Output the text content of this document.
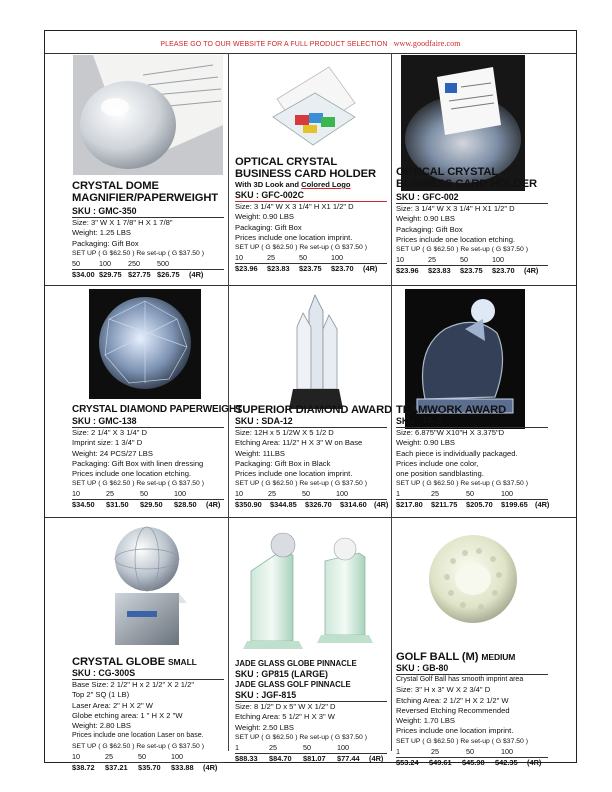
PLEASE GO TO OUR WEBSITE FOR A FULL PRODUCT SELECTION www.goodfaire.com
CRYSTAL DOME
MAGNIFIER/PAPERWEIGHT
SKU : GMC-350
Size: 3" W X 1 7/8" H X 1 7/8"
Weight: 1.25 LBS
Packaging: Gift Box
SET UP ( G $62.50 ) Re set-up ( G $37.50 )
50	100 250 500
$34.00 $29.75 $27.75 $26.75 (4R)
OPTICAL CRYSTAL
BUSINESS CARD HOLDER
With 3D Look and Colored Logo
SKU : GFC-002C
Size: 3 1/4" W X 3 1/4" H X1 1/2" D
Weight: 0.90 LBS
Packaging: Gift Box
Prices include one location imprint.
SET UP ( G $62.50 ) Re set-up ( G $37.50 )
10	25	50	100
$23.96 $23.83 $23.75 $23.70 (4R)
OPTICAL CRYSTAL
BUSINESS CARD HOLDER
SKU : GFC-002
Size: 3 1/4" W X 3 1/4" H X1 1/2" D
Weight: 0.90 LBS
Packaging: Gift Box
Prices include one location etching.
SET UP ( G $62.50 ) Re set-up ( G $37.50 )
10	25	50	100
$23.96 $23.83 $23.75 $23.70 (4R)
CRYSTAL DIAMOND PAPERWEIGHT
SKU : GMC-138
Size: 2 1/4" X 3 1/4" D
Imprint size: 1 3/4" D
Weight: 24 PCS/27 LBS
Packaging: Gift Box with linen dressing
Prices include one location etching.
SET UP ( G $62.50 ) Re set-up ( G $37.50 )
10	25	50	100
$34.50 $31.50 $29.50 $28.50 (4R)
SUPERIOR DIAMOND AWARD
SKU : SDA-12
Size: 12H x 5 1/2W X 5 1/2 D
Etching Area: 11/2" H X 3" W on Base
Weight: 11LBS
Packaging: Gift Box in Black
Prices include one location imprint.
SET UP ( G $62.50 ) Re set-up ( G $37.50 )
10	25	50	100
$350.90 $344.85 $326.70 $314.60 (4R)
TEAMWORK AWARD
SKU : TA-S
Size: 6.875"W X10"H X 3.375"D
Weight: 0.90 LBS
Each piece is individually packaged.
Prices include one color,
one position sandblasting.
SET UP ( G $62.50 ) Re set-up ( G $37.50 )
1	25	50	100
$217.80 $211.75 $205.70 $199.65 (4R)
CRYSTAL GLOBE SMALL
SKU : CG-300S
Base Size: 2 1/2" H x 2 1/2" X 2 1/2"
Top 2" SQ (1 LB)
Laser Area: 2" H X 2" W
Globe etching area: 1 " H X 2 "W
Weight: 2.80 LBS
Prices include one location Laser on base.
SET UP ( G $62.50 ) Re set-up ( G $37.50 )
10	25	50	100
$38.72 $37.21 $35.70 $33.88 (4R)
JADE GLASS GLOBE PINNACLE
SKU : GP815 (LARGE)
JADE GLASS GOLF PINNACLE
SKU : JGF-815
Size: 8 1/2" D x 5" W X 1/2" D
Etching Area: 5 1/2" H X 3" W
Weight: 2.50 LBS
SET UP ( G $62.50 ) Re set-up ( G $37.50 )
1	25	50	100
$88.33 $84.70 $81.07 $77.44 (4R)
GOLF BALL (M) MEDIUM
SKU : GB-80
Crystal Golf Ball has smooth imprint area
Size: 3" H x 3" W X 2 3/4" D
Etching Area: 2 1/2" H X 2 1/2" W
Reversed Etching Recommended
Weight: 1.70 LBS
Prices include one location imprint.
SET UP ( G $62.50 ) Re set-up ( G $37.50 )
1	25	50	100
$53.24 $49.61 $45.98 $42.35 (4R)
